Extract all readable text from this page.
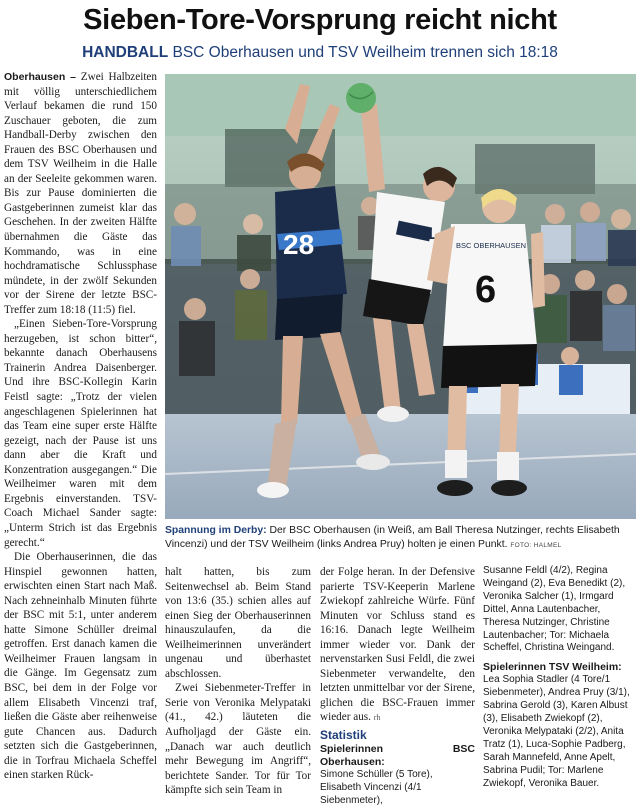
Sieben-Tore-Vorsprung reicht nicht
HANDBALL BSC Oberhausen und TSV Weilheim trennen sich 18:18

Oberhausen – Zwei Halbzeiten mit völlig unterschiedlichem Verlauf bekamen die rund 150 Zuschauer geboten, die zum Handball-Derby zwischen den Frauen des BSC Oberhausen und dem TSV Weilheim in die Halle an der Seeleite gekommen waren. Bis zur Pause dominierten die Gastgeberinnen zumeist klar das Geschehen. In der zweiten Hälfte übernahmen die Gäste das Kommando, was in eine hochdramatische Schlussphase mündete, in der zwölf Sekunden vor der Sirene der letzte BSC-Treffer zum 18:18 (11:5) fiel.

„Einen Sieben-Tore-Vorsprung herzugeben, ist schon bitter“, bekannte danach Oberhausens Trainerin Andrea Daisenberger. Und ihre BSC-Kollegin Karin Feistl sagte: „Trotz der vielen angeschlagenen Spielerinnen hat das Team eine super erste Hälfte gezeigt, nach der Pause ist uns dann aber die Kraft und Konzentration ausgegangen.“ Die Weilheimer waren mit dem Ergebnis einverstanden. TSV-Coach Michael Sander sagte: „Unterm Strich ist das Ergebnis gerecht.“

Die Oberhauserinnen, die das Hinspiel gewonnen hatten, erwischten einen Start nach Maß. Nach zehneinhalb Minuten führte der BSC mit 5:1, unter anderem hatte Simone Schüller dreimal getroffen. Erst danach kamen die Weilheimer Frauen langsam in die Gänge. Im Gegensatz zum BSC, bei dem in der Folge vor allem Elisabeth Vincenzi traf, ließen die Gäste aber reihenweise gute Chancen aus. Dadurch setzten sich die Gastgeberinnen, die in Torfrau Michaela Scheffel einen starken Rück-

28	11
BSC OBERHAUSEN
6
Spannung im Derby: Der BSC Oberhausen (in Weiß, am Ball Theresa Nutzinger, rechts Elisabeth Vincenzi) und der TSV Weilheim (links Andrea Pruy) holten je einen Punkt. FOTO: HALMEL

halt hatten, bis zum Seitenwechsel ab. Beim Stand von 13:6 (35.) schien alles auf einen Sieg der Oberhauserinnen hinauszulaufen, da die Weilheimerinnen unverändert ungenau und überhastet abschlossen.

Zwei Siebenmeter-Treffer in Serie von Veronika Melypataki (41., 42.) läuteten die Aufholjagd der Gäste ein. „Danach war auch deutlich mehr Bewegung im Angriff“, berichtete Sander. Tor für Tor kämpfte sich sein Team in

der Folge heran. In der Defensive parierte TSV-Keeperin Marlene Zwiekopf zahlreiche Würfe. Fünf Minuten vor Schluss stand es 16:16. Danach legte Weilheim immer wieder vor. Dank der nervenstarken Susi Feldl, die zwei Siebenmeter verwandelte, den letzten unmittelbar vor der Sirene, glichen die BSC-Frauen immer wieder aus. rh

Statistik
Spielerinnen BSC Oberhausen:
Simone Schüller (5 Tore), Elisabeth Vincenzi (4/1 Siebenmeter),
Susanne Feldl (4/2), Regina Weingand (2), Eva Benedikt (2), Veronika Salcher (1), Irmgard Dittel, Anna Lautenbacher, Theresa Nutzinger, Christine Lautenbacher; Tor: Michaela Scheffel, Christina Weingand.
Spielerinnen TSV Weilheim:
Lea Sophia Stadler (4 Tore/1 Siebenmeter), Andrea Pruy (3/1), Sabrina Gerold (3), Karen Albust (3), Elisabeth Zwiekopf (2), Veronika Melypataki (2/2), Anita Tratz (1), Luca-Sophie Padberg, Sarah Mannefeld, Anne Apelt, Sabrina Pudil; Tor: Marlene Zwiekopf, Veronika Bauer.
